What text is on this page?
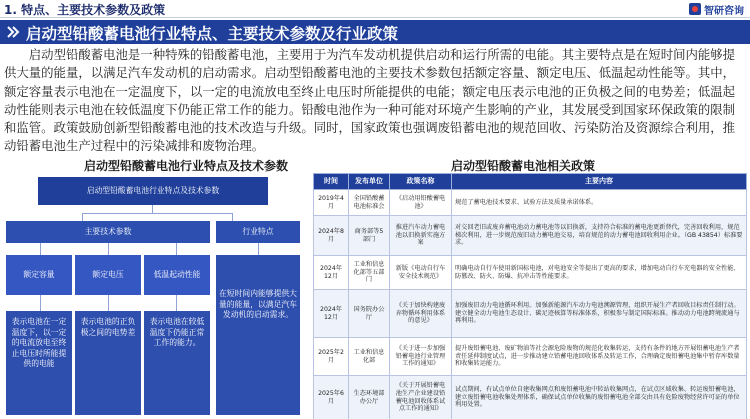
1. 特点、主要技术参数及政策	智研咨询
启动型铅酸蓄电池行业特点、主要技术参数及行业政策

启动型铅酸蓄电池是一种特殊的铅酸蓄电池，主要用于为汽车发动机提供启动和运行所需的电能。其主要特点是在短时间内能够提供大量的能量，以满足汽车发动机的启动需求。启动型铅酸蓄电池的主要技术参数包括额定容量、额定电压、低温起动性能等。其中，额定容量表示电池在一定温度下，以一定的电流放电至终止电压时所能提供的电能；额定电压表示电池的正负极之间的电势差；低温起动性能则表示电池在较低温度下仍能正常工作的能力。铅酸电池作为一种可能对环境产生影响的产业，其发展受到国家环保政策的限制和监管。政策鼓励创新型铅酸蓄电池的技术改造与升级。同时，国家政策也强调废铅蓄电池的规范回收、污染防治及资源综合利用，推动铅蓄电池生产过程中的污染减排和废物治理。

启动型铅酸蓄电池行业特点及技术参数	启动型铅酸蓄电池相关政策
启动型铅酸蓄电池行业特点及技术参数
主要技术参数	行业特点
额定容量	额定电压	低温起动性能
表示电池在一定温度下，以一定的电流放电至终止电压时所能提供的电能
表示电池的正负极之间的电势差
表示电池在较低温度下仍能正常工作的能力。
在短时间内能够提供大量的能量，以满足汽车发动机的启动需求。
时间	发布单位	政策名称	主要内容
2019年4月	全国铅酸蓄电池标准会	《启动用铅酸蓄电池》	规范了蓄电池技术要求、试验方法及质量承诺体系。
2024年8月	商务部等5部门	推进汽车动力蓄电池以旧换新实施方案	对交回老旧或废弃蓄电池动力蓄电池等以旧换新，支持符合标准的蓄电池更新替代，完善回收利用，规范梯次利用，进一步规范废旧动力蓄电池交易，培育规范的动力蓄电池回收利用企业。（GB 43854）标准要求。
2024年12月	工业和信息化部等五部门	新版《电动自行车安全技术规范》	明确电动自行车使用新国标电池，对电池安全等提出了更高的要求，增加电动自行车充电器的安全性能、防篡改、防火、防爆、抗冲击等性能要求。
2024年12月	国务院办公厅	《关于加快构建废弃物循环利用体系的意见》	加强废旧动力电池循环利用。加强新能源汽车动力电池溯源管理，组织开展生产者回收目标责任制行动。建立健全动力电池生态设计、碳足迹核算等标准体系，积极参与制定国际标准。推动动力电池跨境流通与再利用。
2025年2月	工业和信息化部	《关于进一步加强铅蓄电池行业管理工作的通知》	提升废铅蓄电池、废矿物油等社会源危险废物的规范化收集转运，支持有条件的地方开展铅蓄电池生产者责任延伸制度试点，进一步推动建立铅蓄电池回收体系及转运工作，合理确定废铅蓄电池集中暂存库数量和收集转运能力。
2025年6月	生态环境部办公厅	《关于开展铅蓄电池生产企业建设铅蓄电池回收体系试点工作的通知》	试点期间，有试点单位自建收集网点和废铅蓄电池中转站收集网点，在试点区域收集、转运废铅蓄电池，建立废铅蓄电池收集处理体系，确保试点单位收集的废铅蓄电池全部交由具有危险废物经营许可证的单位利用处置。
